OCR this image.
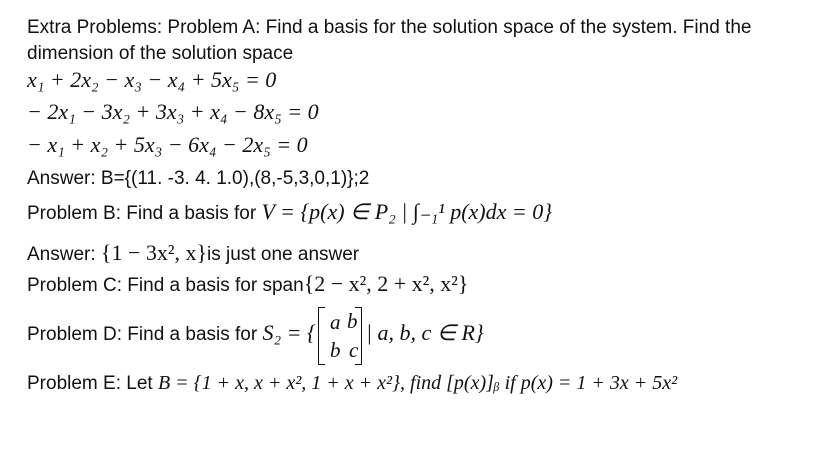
Extra Problems: Problem A: Find a basis for the solution space of the system. Find the
dimension of the solution space
x₁ + 2x₂ − x₃ − x₄ + 5x₅ = 0
− 2x₁ − 3x₂ + 3x₃ + x₄ − 8x₅ = 0
− x₁ + x₂ + 5x₃ − 6x₄ − 2x₅ = 0
Answer: B={(11. -3. 4. 1.0),(8,-5,3,0,1)};2
Problem B: Find a basis for V = {p(x) ∈ P₂ | ∫₋₁¹ p(x)dx = 0}
Answer: {1 − 3x², x}is just one answer
Problem C: Find a basis for span{2 − x², 2 + x², x²}
Problem D: Find a basis for S₂ = { a b
b c
| a, b, c ∈ R}
Problem E: Let B = {1 + x, x + x², 1 + x + x²}, find [p(x)]ᵦ if p(x) = 1 + 3x + 5x²
